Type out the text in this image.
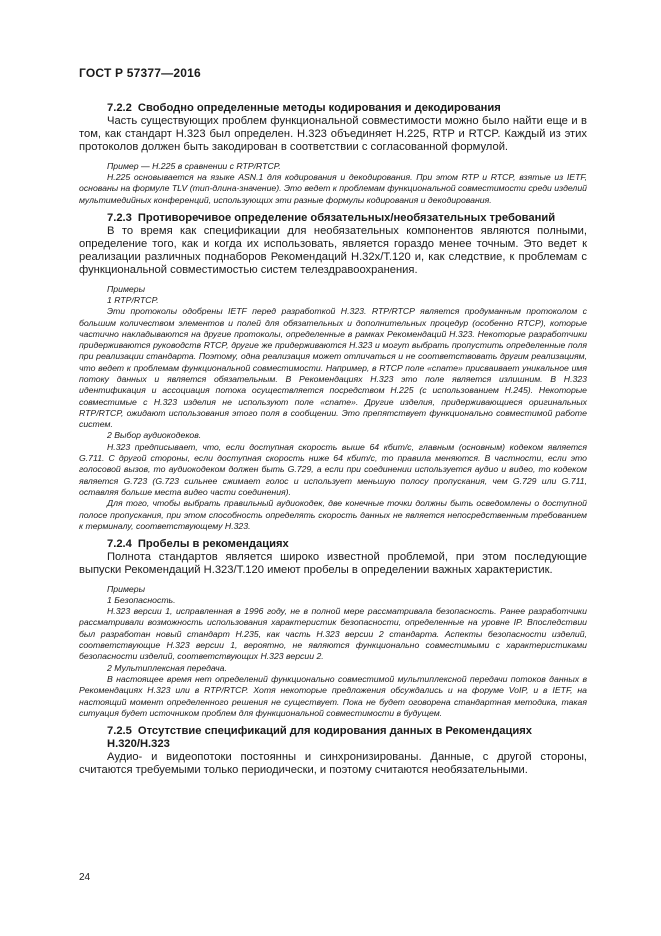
ГОСТ Р 57377—2016
7.2.2 Свободно определенные методы кодирования и декодирования

Часть существующих проблем функциональной совместимости можно было найти еще и в том, как стандарт H.323 был определен. H.323 объединяет H.225, RTP и RTCP. Каждый из этих протоколов должен быть закодирован в соответствии с согласованной формулой.

Пример — H.225 в сравнении с RTP/RTCP.

H.225 основывается на языке ASN.1 для кодирования и декодирования. При этом RTP и RTCP, взятые из IETF, основаны на формуле TLV (тип-длина-значение). Это ведет к проблемам функциональной совместимости среди изделий мультимедийных конференций, использующих эти разные формулы кодирования и декодирования.

7.2.3 Противоречивое определение обязательных/необязательных требований

В то время как спецификации для необязательных компонентов являются полными, определение того, как и когда их использовать, является гораздо менее точным. Это ведет к реализации различных поднаборов Рекомендаций H.32x/T.120 и, как следствие, к проблемам с функциональной совместимостью систем телездравоохранения.

Примеры

1 RTP/RTCP.

Эти протоколы одобрены IETF перед разработкой H.323. RTP/RTCP является продуманным протоколом с большим количеством элементов и полей для обязательных и дополнительных процедур (особенно RTCP), которые частично накладываются на другие протоколы, определенные в рамках Рекомендаций H.323. Некоторые разработчики придерживаются руководств RTCP, другие же придерживаются H.323 и могут выбрать пропустить определенные поля при реализации стандарта. Поэтому, одна реализация может отличаться и не соответствовать другим реализациям, что ведет к проблемам функциональной совместимости. Например, в RTCP поле «cnате» присваивает уникальное имя потоку данных и является обязательным. В Рекомендациях H.323 это поле является излишним. В H.323 идентификация и ассоциация потока осуществляется посредством H.225 (с использованием H.245). Некоторые совместимые с H.323 изделия не используют поле «cnате». Другие изделия, придерживающиеся оригинальных RTP/RTCP, ожидают использования этого поля в сообщении. Это препятствует функционально совместимой работе систем.

2 Выбор аудиокодеков.

H.323 предписывает, что, если доступная скорость выше 64 кбит/с, главным (основным) кодеком является G.711. С другой стороны, если доступная скорость ниже 64 кбит/с, то правила меняются. В частности, если это голосовой вызов, то аудиокодеком должен быть G.729, а если при соединении используется аудио и видео, то кодеком является G.723 (G.723 сильнее сжимает голос и использует меньшую полосу пропускания, чем G.729 или G.711, оставляя больше места видео части соединения).

Для того, чтобы выбрать правильный аудиокодек, две конечные точки должны быть осведомлены о доступной полосе пропускания, при этом способность определять скорость данных не является непосредственным требованием к терминалу, соответствующему H.323.

7.2.4 Пробелы в рекомендациях

Полнота стандартов является широко известной проблемой, при этом последующие выпуски Рекомендаций H.323/T.120 имеют пробелы в определении важных характеристик.

Примеры

1 Безопасность.

H.323 версии 1, исправленная в 1996 году, не в полной мере рассматривала безопасность. Ранее разработчики рассматривали возможность использования характеристик безопасности, определенные на уровне IP. Впоследствии был разработан новый стандарт H.235, как часть H.323 версии 2 стандарта. Аспекты безопасности изделий, соответствующие H.323 версии 1, вероятно, не являются функционально совместимыми с характеристиками безопасности изделий, соответствующих H.323 версии 2.

2 Мультиплексная передача.

В настоящее время нет определений функционально совместимой мультиплексной передачи потоков данных в Рекомендациях H.323 или в RTP/RTCP. Хотя некоторые предложения обсуждались и на форуме VoIP, и в IETF, на настоящий момент определенного решения не существует. Пока не будет оговорена стандартная методика, такая ситуация будет источником проблем для функциональной совместимости в будущем.

7.2.5 Отсутствие спецификаций для кодирования данных в Рекомендациях H.320/H.323

Аудио- и видеопотоки постоянны и синхронизированы. Данные, с другой стороны, считаются требуемыми только периодически, и поэтому считаются необязательными.

24
